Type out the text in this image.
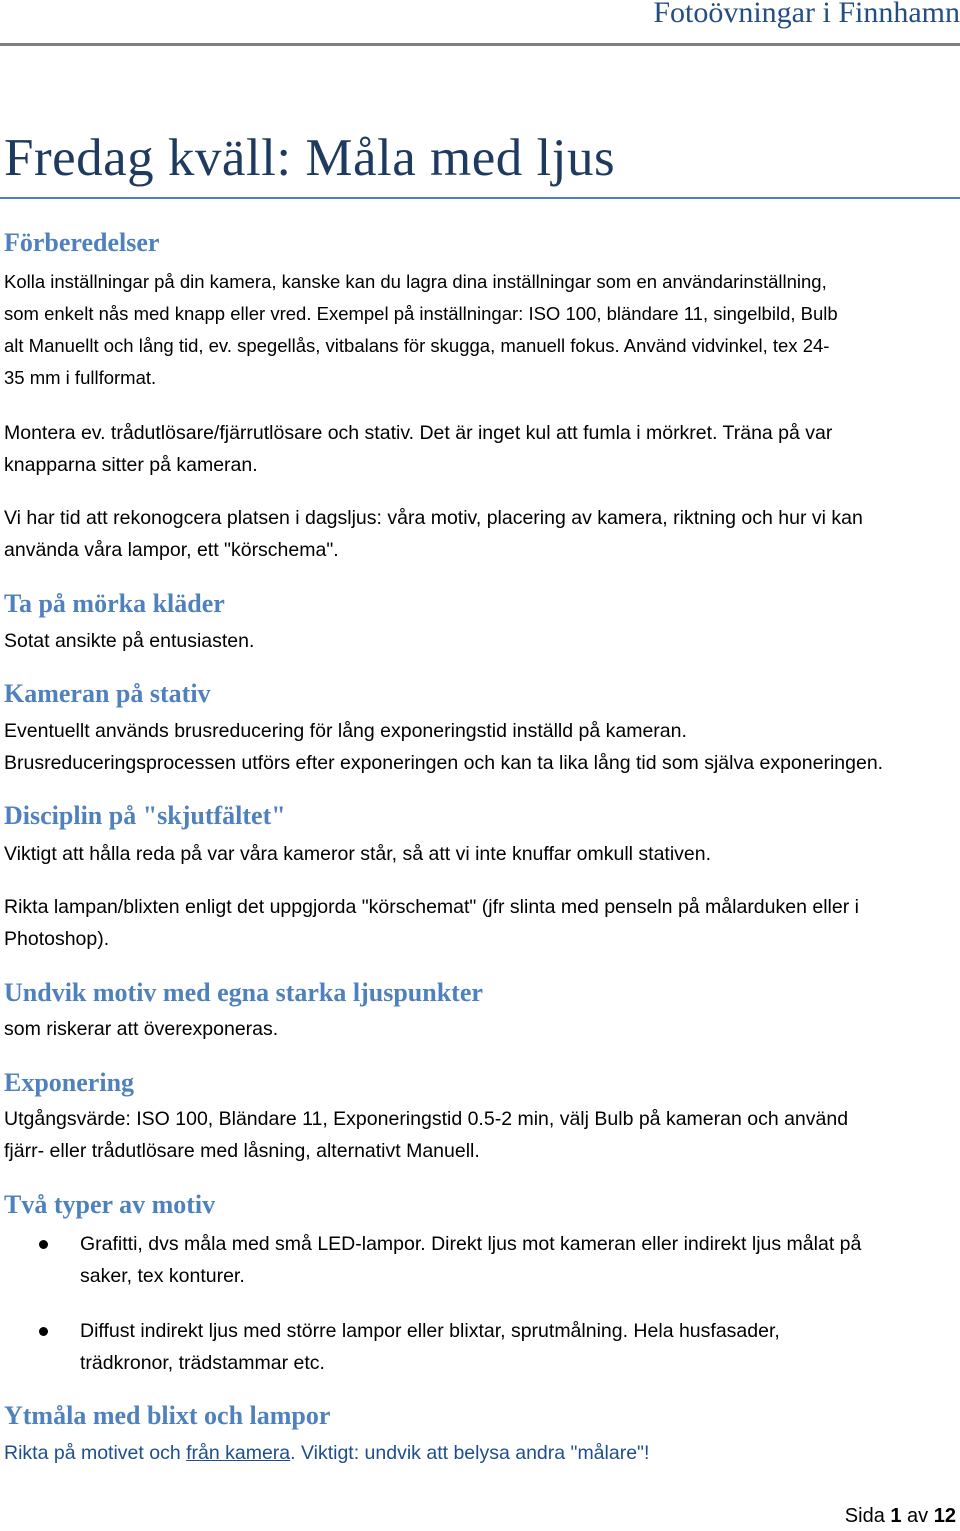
Fotoövningar i Finnhamn
Fredag kväll: Måla med ljus
Förberedelser
Kolla inställningar på din kamera, kanske kan du lagra dina inställningar som en användarinställning,
som enkelt nås med knapp eller vred. Exempel på inställningar: ISO 100, bländare 11, singelbild, Bulb
alt Manuellt och lång tid, ev. spegellås, vitbalans för skugga, manuell fokus. Använd vidvinkel, tex 24-
35 mm i fullformat.
Montera ev. trådutlösare/fjärrutlösare och stativ. Det är inget kul att fumla i mörkret. Träna på var
knapparna sitter på kameran.
Vi har tid att rekonogcera platsen i dagsljus: våra motiv, placering av kamera, riktning och hur vi kan
använda våra lampor, ett "körschema".
Ta på mörka kläder
Sotat ansikte på entusiasten.
Kameran på stativ
Eventuellt används brusreducering för lång exponeringstid inställd på kameran.
Brusreduceringsprocessen utförs efter exponeringen och kan ta lika lång tid som själva exponeringen.
Disciplin på "skjutfältet"
Viktigt att hålla reda på var våra kameror står, så att vi inte knuffar omkull stativen.
Rikta lampan/blixten enligt det uppgjorda "körschemat" (jfr slinta med penseln på målarduken eller i
Photoshop).
Undvik motiv med egna starka ljuspunkter
som riskerar att överexponeras.
Exponering
Utgångsvärde: ISO 100, Bländare 11, Exponeringstid 0.5-2 min, välj Bulb på kameran och använd
fjärr- eller trådutlösare med låsning, alternativt Manuell.
Två typer av motiv
Grafitti, dvs måla med små LED-lampor. Direkt ljus mot kameran eller indirekt ljus målat på
saker, tex konturer.
Diffust indirekt ljus med större lampor eller blixtar, sprutmålning. Hela husfasader,
trädkronor, trädstammar etc.
Ytmåla med blixt och lampor
Rikta på motivet och från kamera. Viktigt: undvik att belysa andra "målare"!
Sida 1 av 12
